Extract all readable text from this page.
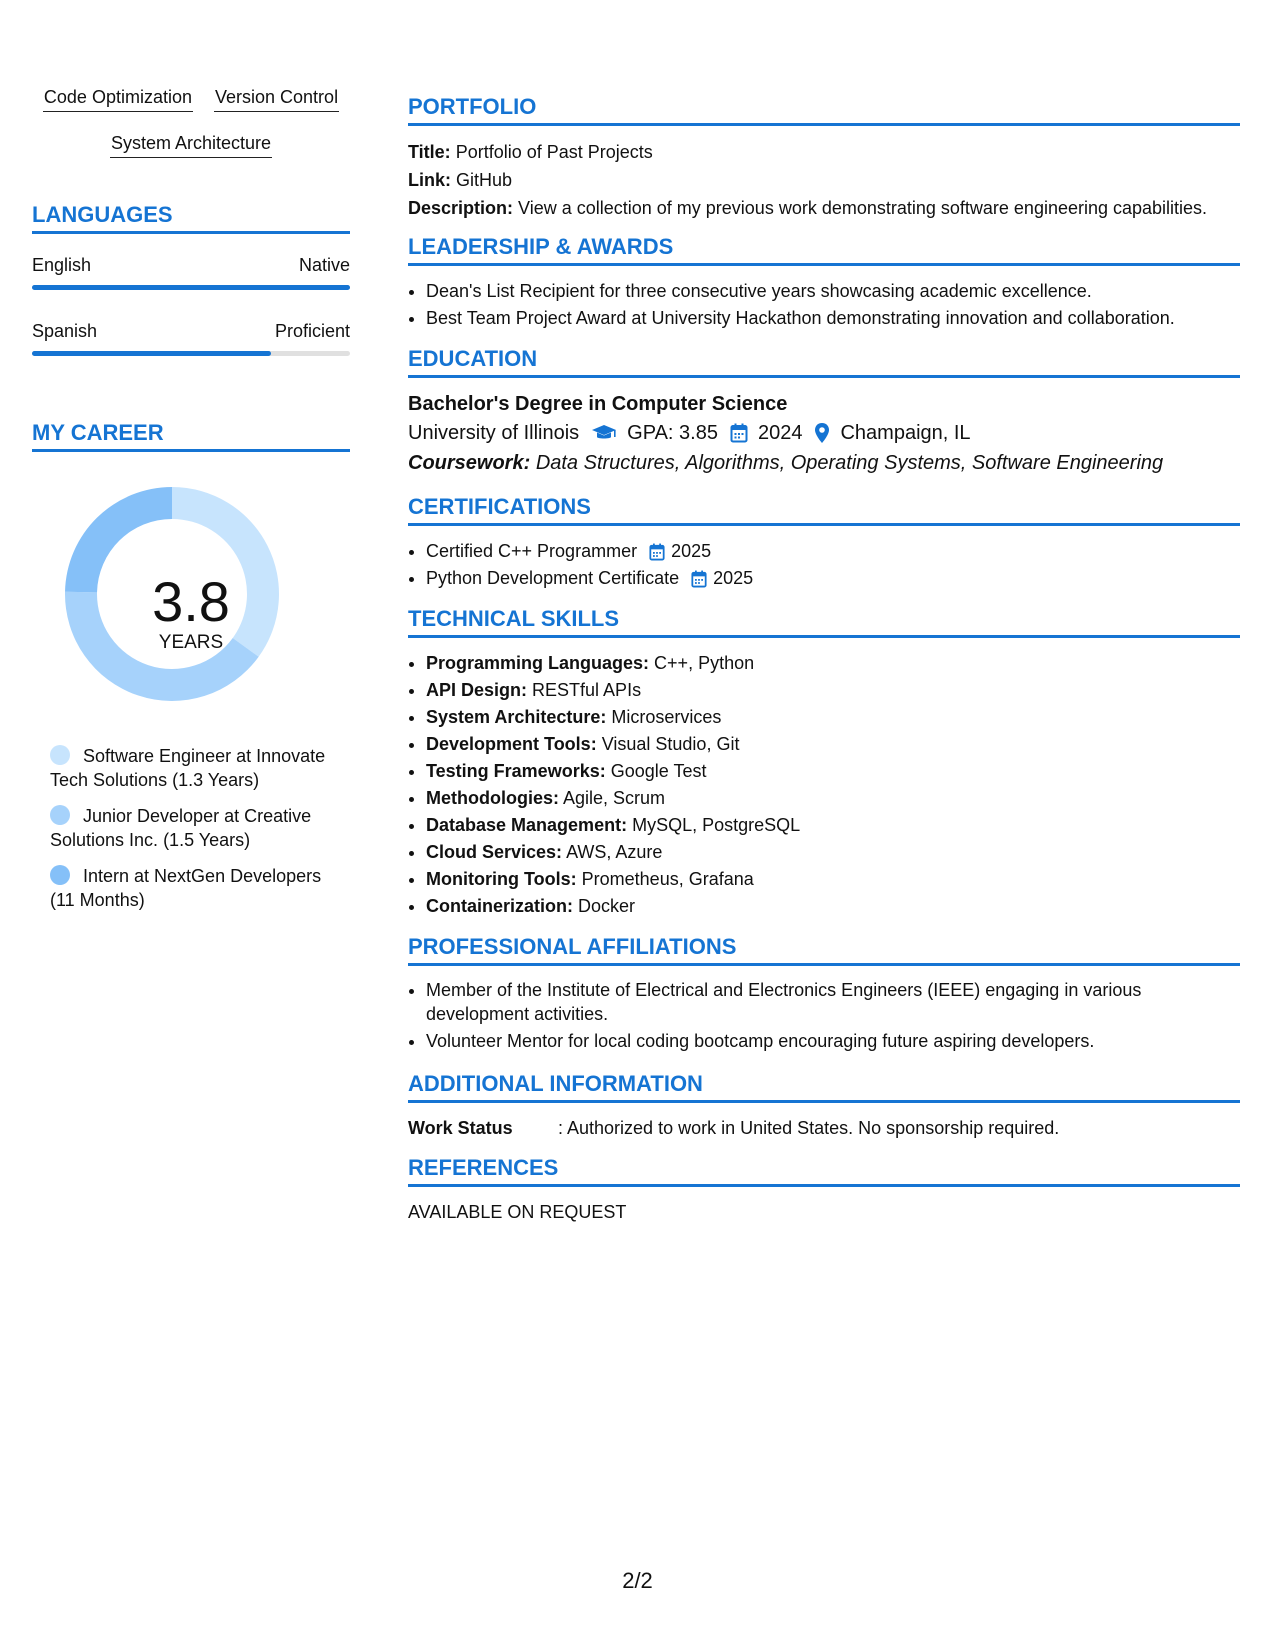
Code Optimization Version Control System Architecture
LANGUAGES
English	Native
Spanish	Proficient
MY CAREER
3.8
YEARS
Software Engineer at Innovate Tech Solutions (1.3 Years)
Junior Developer at Creative Solutions Inc. (1.5 Years)
Intern at NextGen Developers (11 Months)
PORTFOLIO
Title: Portfolio of Past Projects
Link: GitHub
Description: View a collection of my previous work demonstrating software engineering capabilities.
LEADERSHIP & AWARDS
• Dean's List Recipient for three consecutive years showcasing academic excellence.
• Best Team Project Award at University Hackathon demonstrating innovation and collaboration.
EDUCATION
Bachelor's Degree in Computer Science
University of Illinois GPA: 3.85 2024 Champaign, IL
Coursework: Data Structures, Algorithms, Operating Systems, Software Engineering
CERTIFICATIONS
• Certified C++ Programmer 2025
• Python Development Certificate 2025
TECHNICAL SKILLS
• Programming Languages: C++, Python
• API Design: RESTful APIs
• System Architecture: Microservices
• Development Tools: Visual Studio, Git
• Testing Frameworks: Google Test
• Methodologies: Agile, Scrum
• Database Management: MySQL, PostgreSQL
• Cloud Services: AWS, Azure
• Monitoring Tools: Prometheus, Grafana
• Containerization: Docker
PROFESSIONAL AFFILIATIONS
• Member of the Institute of Electrical and Electronics Engineers (IEEE) engaging in various development activities.
• Volunteer Mentor for local coding bootcamp encouraging future aspiring developers.
ADDITIONAL INFORMATION
Work Status	: Authorized to work in United States. No sponsorship required.
REFERENCES
AVAILABLE ON REQUEST
2/2
